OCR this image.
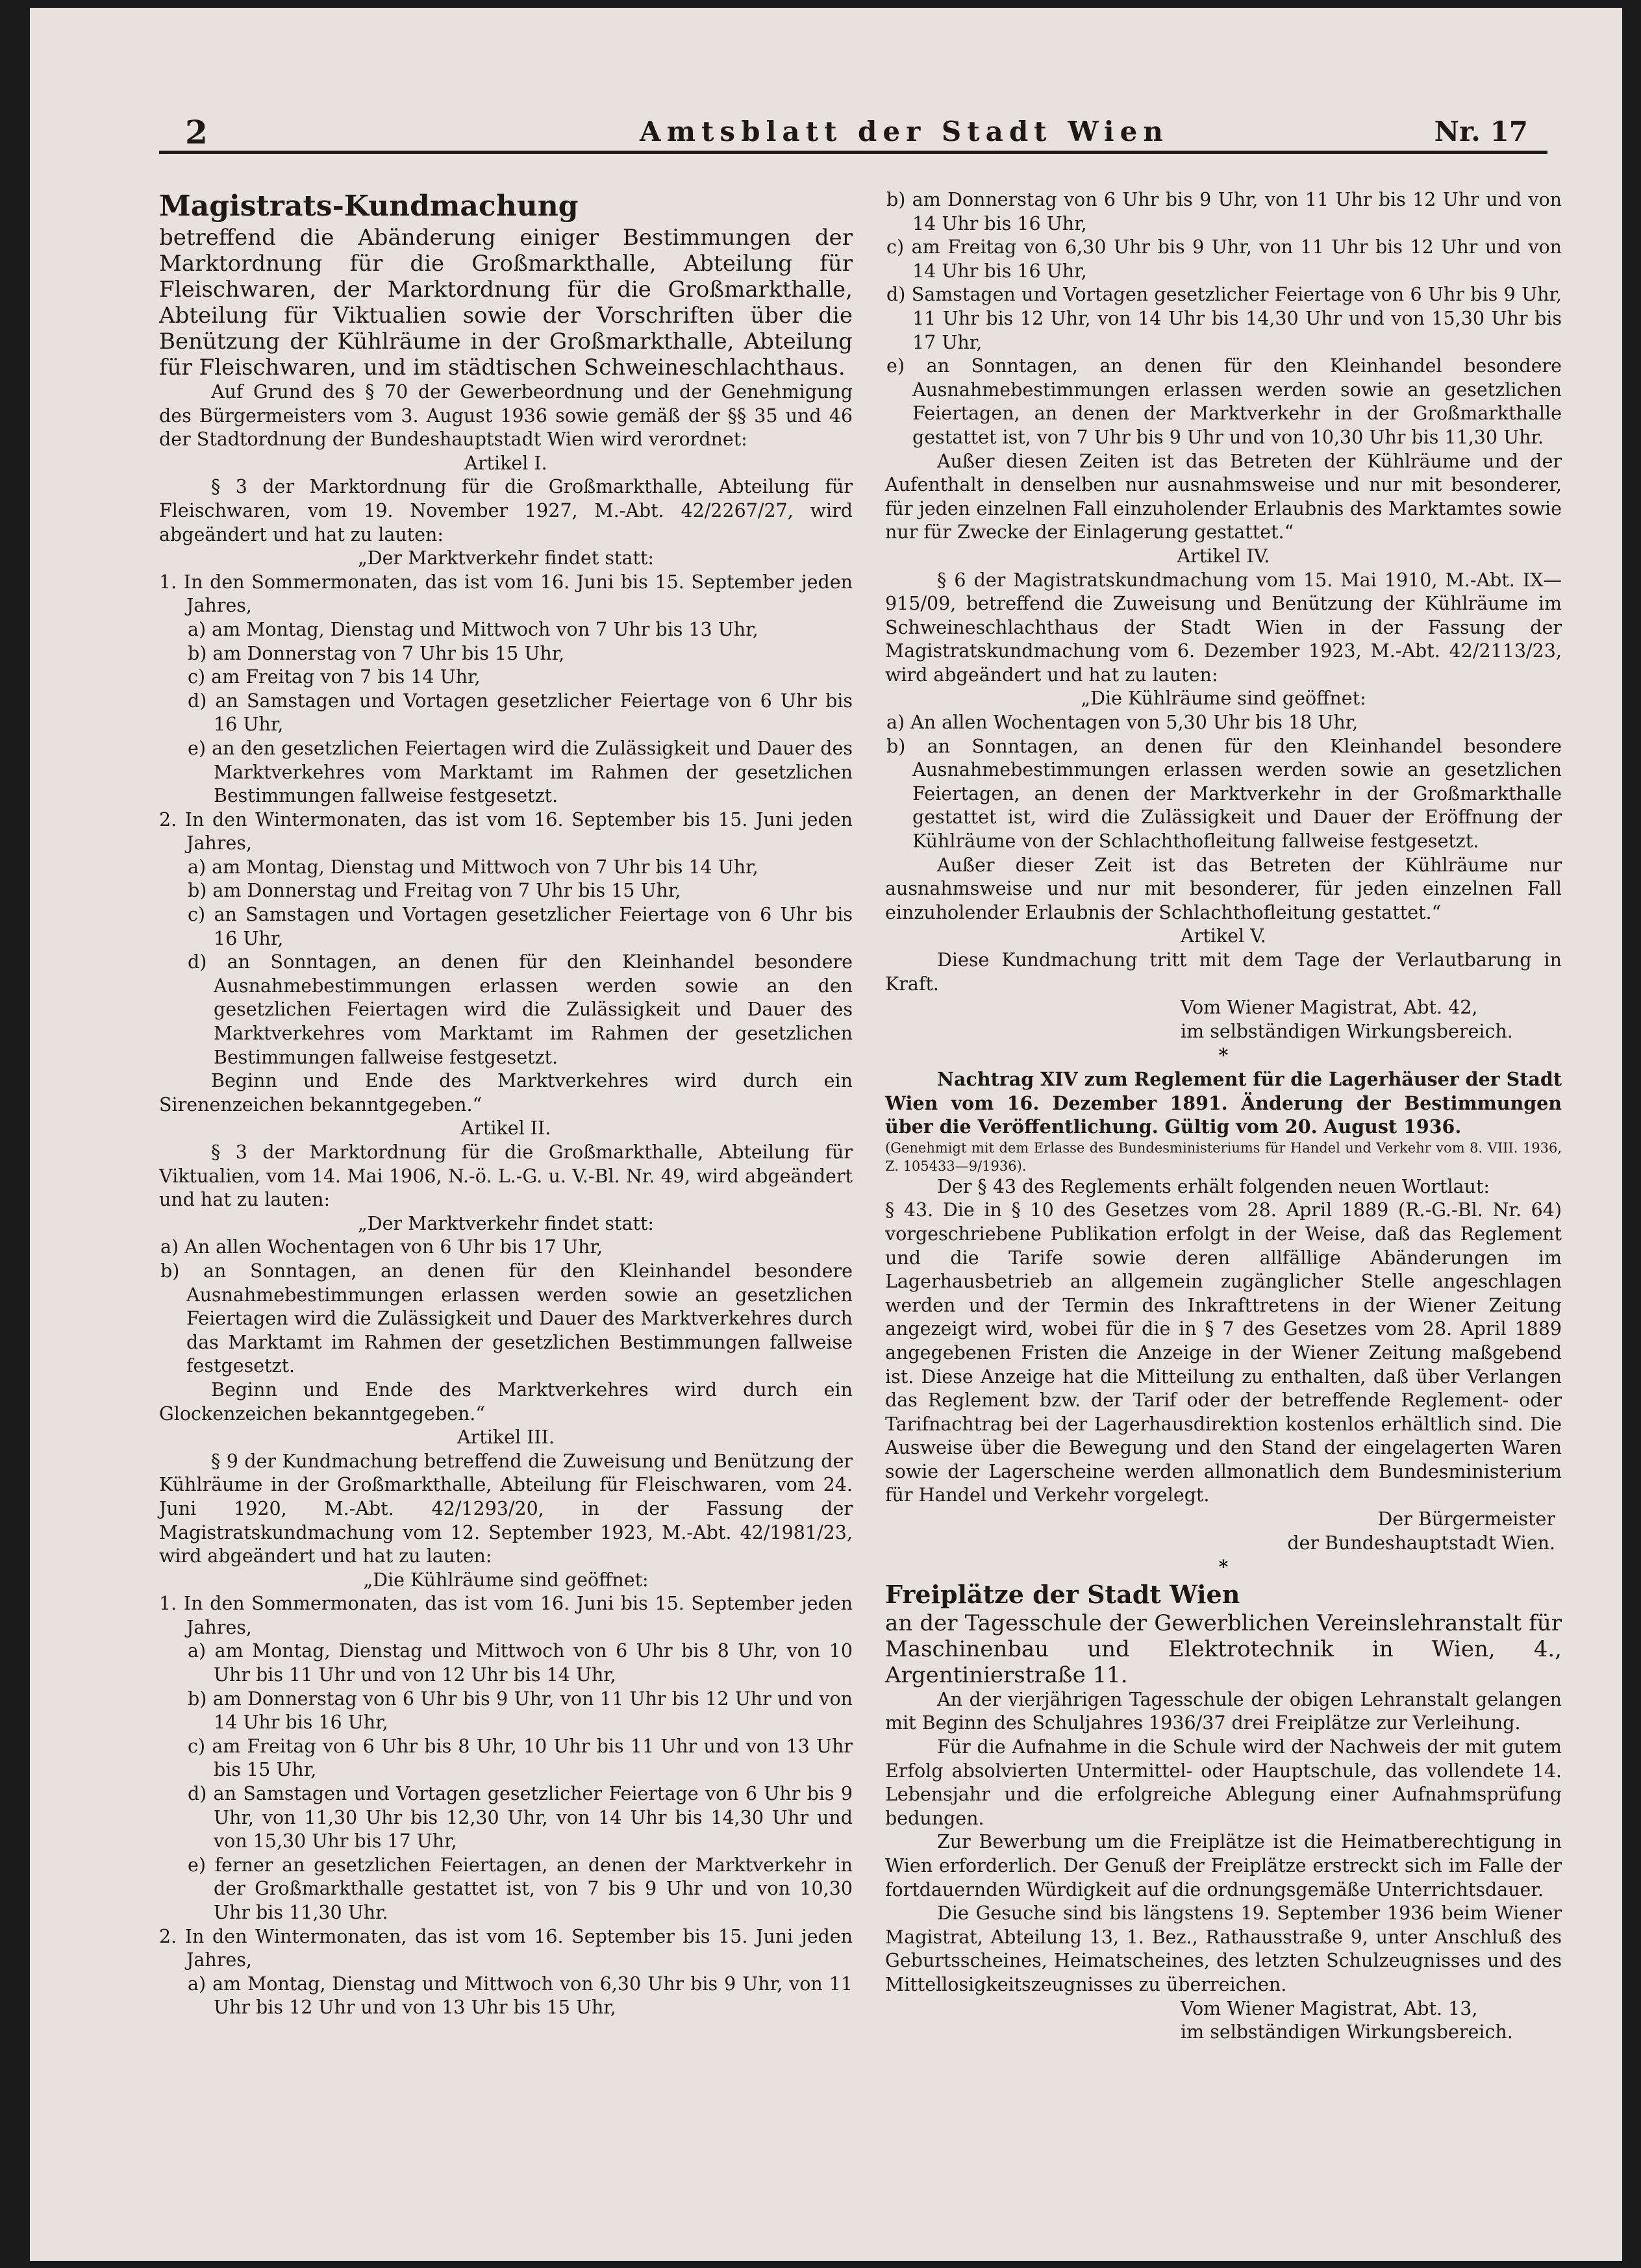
2	Amtsblatt der Stadt Wien	Nr. 17

Magistrats-Kundmachung

betreffend die Abänderung einiger Bestimmungen der Marktordnung für die Großmarkthalle, Abteilung für Fleischwaren, der Marktordnung für die Großmarkthalle, Abteilung für Viktualien sowie der Vorschriften über die Benützung der Kühlräume in der Großmarkthalle, Abteilung für Fleischwaren, und im städtischen Schweineschlachthaus.

Auf Grund des § 70 der Gewerbeordnung und der Genehmigung des Bürgermeisters vom 3. August 1936 sowie gemäß der §§ 35 und 46 der Stadtordnung der Bundeshauptstadt Wien wird verordnet:

Artikel I.

§ 3 der Marktordnung für die Großmarkthalle, Abteilung für Fleischwaren, vom 19. November 1927, M.-Abt. 42/2267/27, wird abgeändert und hat zu lauten:

„Der Marktverkehr findet statt:

1. In den Sommermonaten, das ist vom 16. Juni bis 15. September jeden Jahres,

a) am Montag, Dienstag und Mittwoch von 7 Uhr bis 13 Uhr,

b) am Donnerstag von 7 Uhr bis 15 Uhr,

c) am Freitag von 7 bis 14 Uhr,

d) an Samstagen und Vortagen gesetzlicher Feiertage von 6 Uhr bis 16 Uhr,

e) an den gesetzlichen Feiertagen wird die Zulässigkeit und Dauer des Marktverkehres vom Marktamt im Rahmen der gesetzlichen Bestimmungen fallweise festgesetzt.

2. In den Wintermonaten, das ist vom 16. September bis 15. Juni jeden Jahres,

a) am Montag, Dienstag und Mittwoch von 7 Uhr bis 14 Uhr,

b) am Donnerstag und Freitag von 7 Uhr bis 15 Uhr,

c) an Samstagen und Vortagen gesetzlicher Feiertage von 6 Uhr bis 16 Uhr,

d) an Sonntagen, an denen für den Kleinhandel besondere Ausnahmebestimmungen erlassen werden sowie an den gesetzlichen Feiertagen wird die Zulässigkeit und Dauer des Marktverkehres vom Marktamt im Rahmen der gesetzlichen Bestimmungen fallweise festgesetzt.

Beginn und Ende des Marktverkehres wird durch ein Sirenenzeichen bekanntgegeben.“

Artikel II.

§ 3 der Marktordnung für die Großmarkthalle, Abteilung für Viktualien, vom 14. Mai 1906, N.-ö. L.-G. u. V.-Bl. Nr. 49, wird abgeändert und hat zu lauten:

„Der Marktverkehr findet statt:

a) An allen Wochentagen von 6 Uhr bis 17 Uhr,

b) an Sonntagen, an denen für den Kleinhandel besondere Ausnahmebestimmungen erlassen werden sowie an gesetzlichen Feiertagen wird die Zulässigkeit und Dauer des Marktverkehres durch das Marktamt im Rahmen der gesetzlichen Bestimmungen fallweise festgesetzt.

Beginn und Ende des Marktverkehres wird durch ein Glockenzeichen bekanntgegeben.“

Artikel III.

§ 9 der Kundmachung betreffend die Zuweisung und Benützung der Kühlräume in der Großmarkthalle, Abteilung für Fleischwaren, vom 24. Juni 1920, M.-Abt. 42/1293/20, in der Fassung der Magistratskundmachung vom 12. September 1923, M.-Abt. 42/1981/23, wird abgeändert und hat zu lauten:

„Die Kühlräume sind geöffnet:

1. In den Sommermonaten, das ist vom 16. Juni bis 15. September jeden Jahres,

a) am Montag, Dienstag und Mittwoch von 6 Uhr bis 8 Uhr, von 10 Uhr bis 11 Uhr und von 12 Uhr bis 14 Uhr,

b) am Donnerstag von 6 Uhr bis 9 Uhr, von 11 Uhr bis 12 Uhr und von 14 Uhr bis 16 Uhr,

c) am Freitag von 6 Uhr bis 8 Uhr, 10 Uhr bis 11 Uhr und von 13 Uhr bis 15 Uhr,

d) an Samstagen und Vortagen gesetzlicher Feiertage von 6 Uhr bis 9 Uhr, von 11,30 Uhr bis 12,30 Uhr, von 14 Uhr bis 14,30 Uhr und von 15,30 Uhr bis 17 Uhr,

e) ferner an gesetzlichen Feiertagen, an denen der Marktverkehr in der Großmarkthalle gestattet ist, von 7 bis 9 Uhr und von 10,30 Uhr bis 11,30 Uhr.

2. In den Wintermonaten, das ist vom 16. September bis 15. Juni jeden Jahres,

a) am Montag, Dienstag und Mittwoch von 6,30 Uhr bis 9 Uhr, von 11 Uhr bis 12 Uhr und von 13 Uhr bis 15 Uhr,

b) am Donnerstag von 6 Uhr bis 9 Uhr, von 11 Uhr bis 12 Uhr und von 14 Uhr bis 16 Uhr,

c) am Freitag von 6,30 Uhr bis 9 Uhr, von 11 Uhr bis 12 Uhr und von 14 Uhr bis 16 Uhr,

d) Samstagen und Vortagen gesetzlicher Feiertage von 6 Uhr bis 9 Uhr, 11 Uhr bis 12 Uhr, von 14 Uhr bis 14,30 Uhr und von 15,30 Uhr bis 17 Uhr,

e) an Sonntagen, an denen für den Kleinhandel besondere Ausnahmebestimmungen erlassen werden sowie an gesetzlichen Feiertagen, an denen der Marktverkehr in der Großmarkthalle gestattet ist, von 7 Uhr bis 9 Uhr und von 10,30 Uhr bis 11,30 Uhr.

Außer diesen Zeiten ist das Betreten der Kühlräume und der Aufenthalt in denselben nur ausnahmsweise und nur mit besonderer, für jeden einzelnen Fall einzuholender Erlaubnis des Marktamtes sowie nur für Zwecke der Einlagerung gestattet.“

Artikel IV.

§ 6 der Magistratskundmachung vom 15. Mai 1910, M.-Abt. IX—915/09, betreffend die Zuweisung und Benützung der Kühlräume im Schweineschlachthaus der Stadt Wien in der Fassung der Magistratskundmachung vom 6. Dezember 1923, M.-Abt. 42/2113/23, wird abgeändert und hat zu lauten:

„Die Kühlräume sind geöffnet:

a) An allen Wochentagen von 5,30 Uhr bis 18 Uhr,

b) an Sonntagen, an denen für den Kleinhandel besondere Ausnahmebestimmungen erlassen werden sowie an gesetzlichen Feiertagen, an denen der Marktverkehr in der Großmarkthalle gestattet ist, wird die Zulässigkeit und Dauer der Eröffnung der Kühlräume von der Schlachthofleitung fallweise festgesetzt.

Außer dieser Zeit ist das Betreten der Kühlräume nur ausnahmsweise und nur mit besonderer, für jeden einzelnen Fall einzuholender Erlaubnis der Schlachthofleitung gestattet.“

Artikel V.

Diese Kundmachung tritt mit dem Tage der Verlautbarung in Kraft.

Vom Wiener Magistrat, Abt. 42,

im selbständigen Wirkungsbereich.

*

Nachtrag XIV zum Reglement für die Lagerhäuser der Stadt Wien vom 16. Dezember 1891. Änderung der Bestimmungen über die Veröffentlichung. Gültig vom 20. August 1936.

(Genehmigt mit dem Erlasse des Bundesministeriums für Handel und Verkehr vom 8. VIII. 1936, Z. 105433—9/1936).

Der § 43 des Reglements erhält folgenden neuen Wortlaut:

§ 43. Die in § 10 des Gesetzes vom 28. April 1889 (R.-G.-Bl. Nr. 64) vorgeschriebene Publikation erfolgt in der Weise, daß das Reglement und die Tarife sowie deren allfällige Abänderungen im Lagerhausbetrieb an allgemein zugänglicher Stelle angeschlagen werden und der Termin des Inkrafttretens in der Wiener Zeitung angezeigt wird, wobei für die in § 7 des Gesetzes vom 28. April 1889 angegebenen Fristen die Anzeige in der Wiener Zeitung maßgebend ist. Diese Anzeige hat die Mitteilung zu enthalten, daß über Verlangen das Reglement bzw. der Tarif oder der betreffende Reglement- oder Tarifnachtrag bei der Lagerhausdirektion kostenlos erhältlich sind. Die Ausweise über die Bewegung und den Stand der eingelagerten Waren sowie der Lagerscheine werden allmonatlich dem Bundesministerium für Handel und Verkehr vorgelegt.

Der Bürgermeister

der Bundeshauptstadt Wien.

*

Freiplätze der Stadt Wien

an der Tagesschule der Gewerblichen Vereinslehranstalt für Maschinenbau und Elektrotechnik in Wien, 4., Argentinierstraße 11.

An der vierjährigen Tagesschule der obigen Lehranstalt gelangen mit Beginn des Schuljahres 1936/37 drei Freiplätze zur Verleihung.

Für die Aufnahme in die Schule wird der Nachweis der mit gutem Erfolg absolvierten Untermittel- oder Hauptschule, das vollendete 14. Lebensjahr und die erfolgreiche Ablegung einer Aufnahmsprüfung bedungen.

Zur Bewerbung um die Freiplätze ist die Heimatberechtigung in Wien erforderlich. Der Genuß der Freiplätze erstreckt sich im Falle der fortdauernden Würdigkeit auf die ordnungsgemäße Unterrichtsdauer.

Die Gesuche sind bis längstens 19. September 1936 beim Wiener Magistrat, Abteilung 13, 1. Bez., Rathausstraße 9, unter Anschluß des Geburtsscheines, Heimatscheines, des letzten Schulzeugnisses und des Mittellosigkeitszeugnisses zu überreichen.

Vom Wiener Magistrat, Abt. 13,

im selbständigen Wirkungsbereich.
